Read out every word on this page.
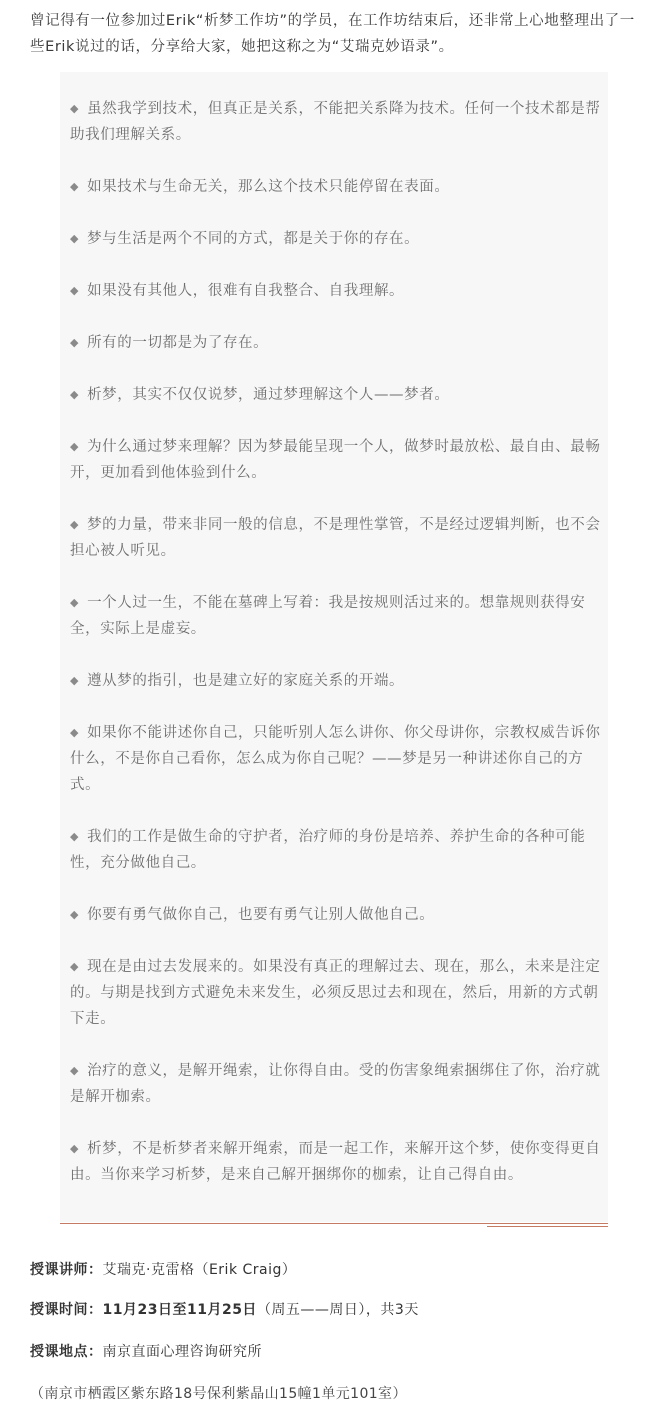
曾记得有一位参加过Erik“析梦工作坊”的学员，在工作坊结束后，还非常上心地整理出了一些Erik说过的话，分享给大家，她把这称之为“艾瑞克妙语录”。

◆ 虽然我学到技术，但真正是关系，不能把关系降为技术。任何一个技术都是帮助我们理解关系。
◆ 如果技术与生命无关，那么这个技术只能停留在表面。
◆ 梦与生活是两个不同的方式，都是关于你的存在。
◆ 如果没有其他人，很难有自我整合、自我理解。
◆ 所有的一切都是为了存在。
◆ 析梦，其实不仅仅说梦，通过梦理解这个人——梦者。
◆ 为什么通过梦来理解？因为梦最能呈现一个人，做梦时最放松、最自由、最畅开，更加看到他体验到什么。
◆ 梦的力量，带来非同一般的信息，不是理性掌管，不是经过逻辑判断，也不会担心被人听见。
◆ 一个人过一生，不能在墓碑上写着：我是按规则活过来的。想靠规则获得安全，实际上是虚妄。
◆ 遵从梦的指引，也是建立好的家庭关系的开端。
◆ 如果你不能讲述你自己，只能听别人怎么讲你、你父母讲你，宗教权威告诉你什么，不是你自己看你，怎么成为你自己呢？——梦是另一种讲述你自己的方式。
◆ 我们的工作是做生命的守护者，治疗师的身份是培养、养护生命的各种可能性，充分做他自己。
◆ 你要有勇气做你自己，也要有勇气让别人做他自己。
◆ 现在是由过去发展来的。如果没有真正的理解过去、现在，那么，未来是注定的。与期是找到方式避免未来发生，必须反思过去和现在，然后，用新的方式朝下走。
◆ 治疗的意义，是解开绳索，让你得自由。受的伤害象绳索捆绑住了你，治疗就是解开枷索。
◆ 析梦，不是析梦者来解开绳索，而是一起工作，来解开这个梦，使你变得更自由。当你来学习析梦，是来自己解开捆绑你的枷索，让自己得自由。
授课讲师：艾瑞克·克雷格（Erik Craig）
授课时间：11月23日至11月25日（周五——周日），共3天
授课地点：南京直面心理咨询研究所
（南京市栖霞区紫东路18号保利紫晶山15幢1单元101室）
